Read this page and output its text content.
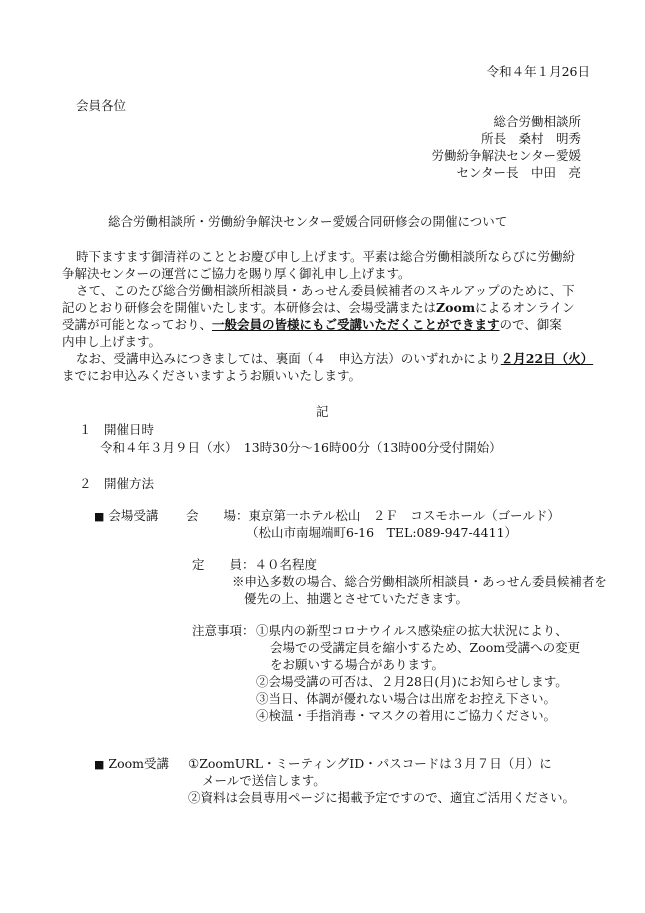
令和４年１月26日
会員各位
総合労働相談所
所長　桑村　明秀
労働紛争解決センター愛媛
センター長　中田　亮
総合労働相談所・労働紛争解決センター愛媛合同研修会の開催について
時下ますます御清祥のこととお慶び申し上げます。平素は総合労働相談所ならびに労働紛
争解決センターの運営にご協力を賜り厚く御礼申し上げます。
さて、このたび総合労働相談所相談員・あっせん委員候補者のスキルアップのために、下
記のとおり研修会を開催いたします。本研修会は、会場受講またはZoomによるオンライン
受講が可能となっており、一般会員の皆様にもご受講いただくことができますので、御案
内申し上げます。
なお、受講申込みにつきましては、裏面（４　申込方法）のいずれかにより２月22日（火）
までにお申込みくださいますようお願いいたします。
記
１　開催日時
令和４年３月９日（水）　13時30分～16時00分（13時00分受付開始）
２　開催方法
■ 会場受講 会　　場：東京第一ホテル松山　２Ｆ　コスモホール（ゴールド）
（松山市南堀端町6-16　TEL:089-947-4411）
定　　員：４０名程度
※申込多数の場合、総合労働相談所相談員・あっせん委員候補者を
優先の上、抽選とさせていただきます。
注意事項： ①県内の新型コロナウイルス感染症の拡大状況により、
会場での受講定員を縮小するため、Zoom受講への変更
をお願いする場合があります。
②会場受講の可否は、２月28日(月)にお知らせします。
③当日、体調が優れない場合は出席をお控え下さい。
④検温・手指消毒・マスクの着用にご協力ください。
■ Zoom受講 ①ZoomURL・ミーティングID・パスコードは３月７日（月）に
メールで送信します。
②資料は会員専用ページに掲載予定ですので、適宜ご活用ください。
